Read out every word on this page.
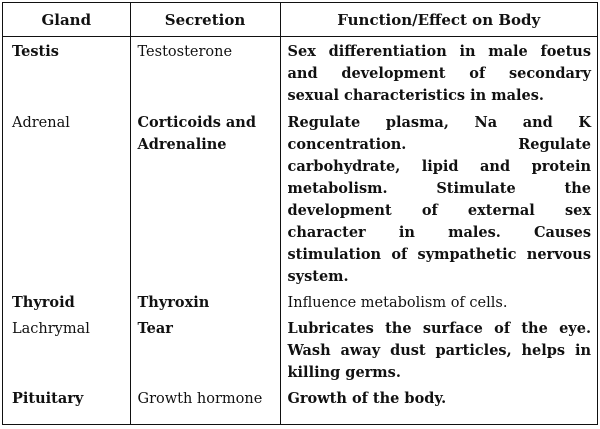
Gland	Secretion	Function/Effect on Body

Testis	Testosterone	Sex differentiation in male foetus and development of secondary sexual characteristics in males.

Adrenal	Corticoids and Adrenaline	Regulate plasma, Na and K concentration. Regulate carbohydrate, lipid and protein metabolism. Stimulate the development of external sex character in males. Causes stimulation of sympathetic nervous system.

Thyroid	Thyroxin	Influence metabolism of cells.

Lachrymal	Tear	Lubricates the surface of the eye. Wash away dust particles, helps in killing germs.

Pituitary	Growth hormone	Growth of the body.
